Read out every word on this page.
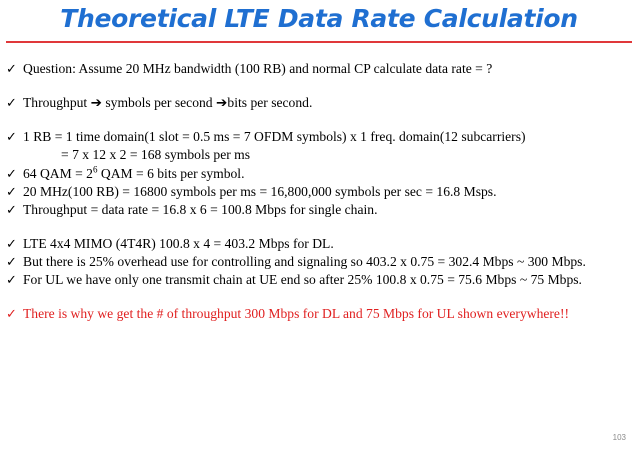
Theoretical LTE Data Rate Calculation
✓ Question: Assume 20 MHz bandwidth (100 RB) and normal CP calculate data rate = ?
✓ Throughput ➔ symbols per second ➔bits per second.
✓ 1 RB = 1 time domain(1 slot = 0.5 ms = 7 OFDM symbols) x 1 freq. domain(12 subcarriers)
= 7 x 12 x 2 = 168 symbols per ms
✓ 64 QAM = $2^6$ QAM = 6 bits per symbol.
✓ 20 MHz(100 RB) = 16800 symbols per ms = 16,800,000 symbols per sec = 16.8 Msps.
✓ Throughput = data rate = 16.8 x 6 = 100.8 Mbps for single chain.
✓ LTE 4x4 MIMO (4T4R) 100.8 x 4 = 403.2 Mbps for DL.
✓ But there is 25% overhead use for controlling and signaling so 403.2 x 0.75 = 302.4 Mbps ~ 300 Mbps.
✓ For UL we have only one transmit chain at UE end so after 25% 100.8 x 0.75 = 75.6 Mbps ~ 75 Mbps.
✓ There is why we get the # of throughput 300 Mbps for DL and 75 Mbps for UL shown everywhere!!
103
